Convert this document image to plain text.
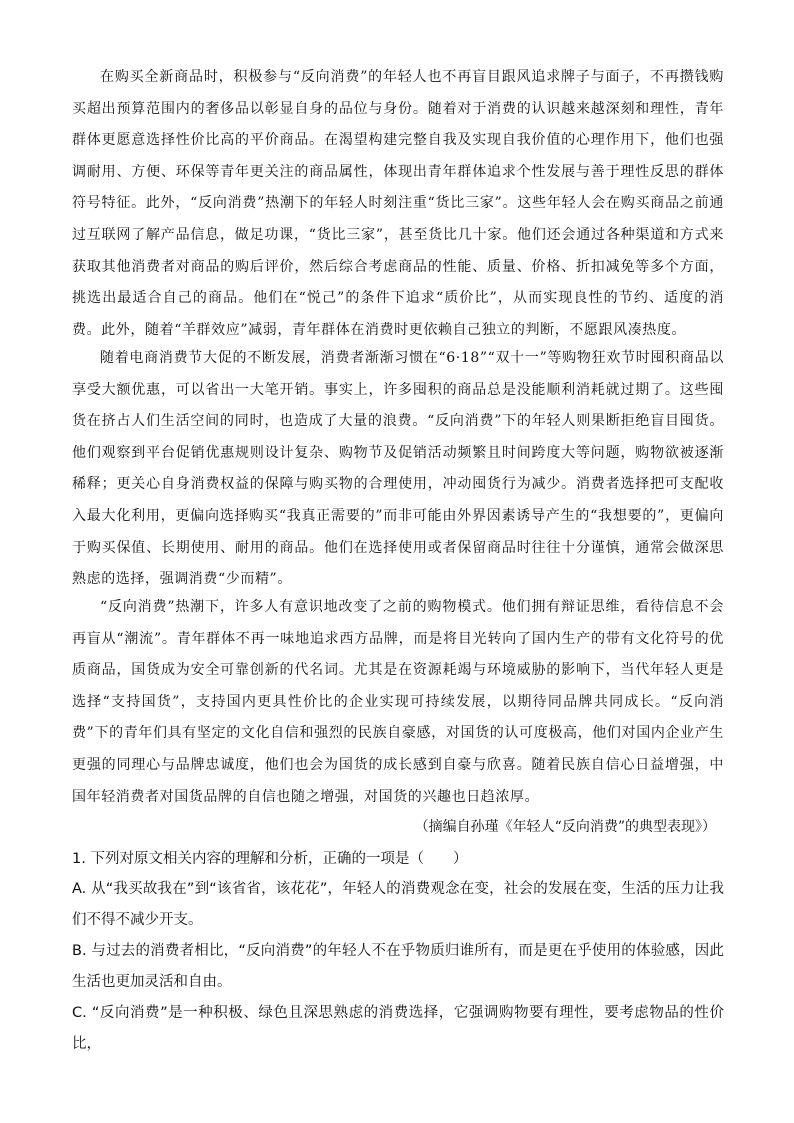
在购买全新商品时，积极参与“反向消费”的年轻人也不再盲目跟风追求牌子与面子，不再攒钱购买超出预算范围内的奢侈品以彰显自身的品位与身份。随着对于消费的认识越来越深刻和理性，青年群体更愿意选择性价比高的平价商品。在渴望构建完整自我及实现自我价值的心理作用下，他们也强调耐用、方便、环保等青年更关注的商品属性，体现出青年群体追求个性发展与善于理性反思的群体符号特征。此外，“反向消费”热潮下的年轻人时刻注重“货比三家”。这些年轻人会在购买商品之前通过互联网了解产品信息，做足功课，“货比三家”，甚至货比几十家。他们还会通过各种渠道和方式来获取其他消费者对商品的购后评价，然后综合考虑商品的性能、质量、价格、折扣减免等多个方面，挑选出最适合自己的商品。他们在“悦己”的条件下追求“质价比”，从而实现良性的节约、适度的消费。此外，随着“羊群效应”减弱，青年群体在消费时更依赖自己独立的判断，不愿跟风凑热度。

随着电商消费节大促的不断发展，消费者渐渐习惯在“6·18”“双十一”等购物狂欢节时囤积商品以享受大额优惠，可以省出一大笔开销。事实上，许多囤积的商品总是没能顺利消耗就过期了。这些囤货在挤占人们生活空间的同时，也造成了大量的浪费。“反向消费”下的年轻人则果断拒绝盲目囤货。他们观察到平台促销优惠规则设计复杂、购物节及促销活动频繁且时间跨度大等问题，购物欲被逐渐稀释；更关心自身消费权益的保障与购买物的合理使用，冲动囤货行为减少。消费者选择把可支配收入最大化利用，更偏向选择购买“我真正需要的”而非可能由外界因素诱导产生的“我想要的”，更偏向于购买保值、长期使用、耐用的商品。他们在选择使用或者保留商品时往往十分谨慎，通常会做深思熟虑的选择，强调消费“少而精”。

“反向消费”热潮下，许多人有意识地改变了之前的购物模式。他们拥有辩证思维，看待信息不会再盲从“潮流”。青年群体不再一味地追求西方品牌，而是将目光转向了国内生产的带有文化符号的优质商品，国货成为安全可靠创新的代名词。尤其是在资源耗竭与环境威胁的影响下，当代年轻人更是选择“支持国货”，支持国内更具性价比的企业实现可持续发展，以期待同品牌共同成长。“反向消费”下的青年们具有坚定的文化自信和强烈的民族自豪感，对国货的认可度极高，他们对国内企业产生更强的同理心与品牌忠诚度，他们也会为国货的成长感到自豪与欣喜。随着民族自信心日益增强，中国年轻消费者对国货品牌的自信也随之增强，对国货的兴趣也日趋浓厚。

（摘编自孙瑾《年轻人“反向消费”的典型表现》）

1. 下列对原文相关内容的理解和分析，正确的一项是（　　）

A. 从“我买故我在”到“该省省，该花花”，年轻人的消费观念在变，社会的发展在变，生活的压力让我们不得不减少开支。

B. 与过去的消费者相比，“反向消费”的年轻人不在乎物质归谁所有，而是更在乎使用的体验感，因此生活也更加灵活和自由。

C. “反向消费”是一种积极、绿色且深思熟虑的消费选择，它强调购物要有理性，要考虑物品的性价比，
